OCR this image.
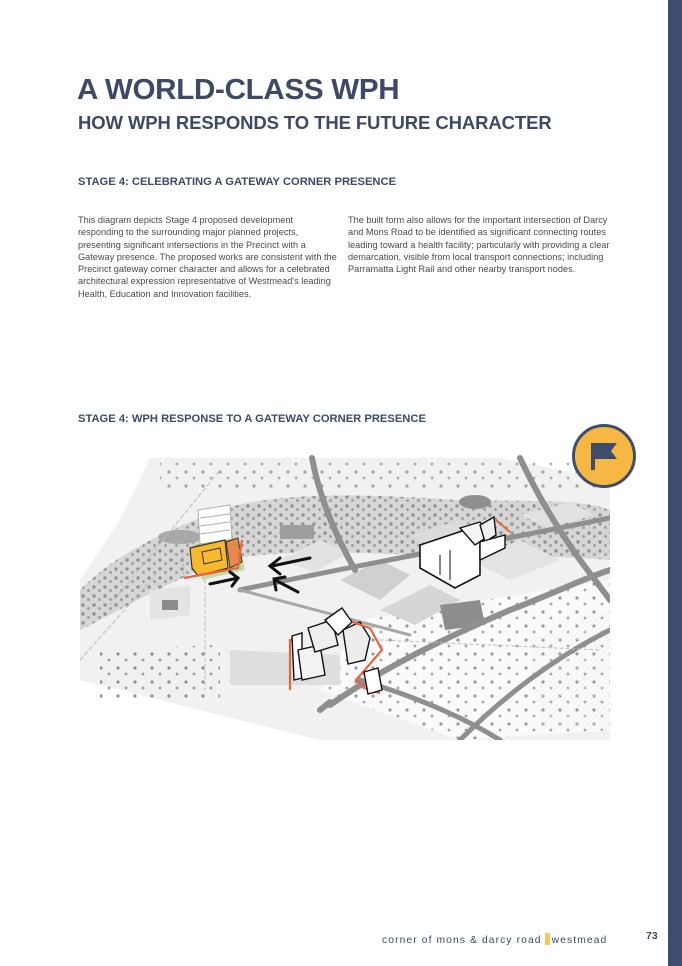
A WORLD-CLASS WPH
HOW WPH RESPONDS TO THE FUTURE CHARACTER
STAGE 4: CELEBRATING A GATEWAY CORNER PRESENCE

This diagram depicts Stage 4 proposed development responding to the surrounding major planned projects, presenting significant intersections in the Precinct with a Gateway presence. The proposed works are consistent with the Precinct gateway corner character and allows for a celebrated architectural expression representative of Westmead's leading Health, Education and Innovation facilities.

The built form also allows for the important intersection of Darcy and Mons Road to be identified as significant connecting routes leading toward a health facility; particularly with providing a clear demarcation, visible from local transport connections; including Parramatta Light Rail and other nearby transport nodes.

STAGE 4: WPH RESPONSE TO A GATEWAY CORNER PRESENCE
corner of mons & darcy road westmead	73
